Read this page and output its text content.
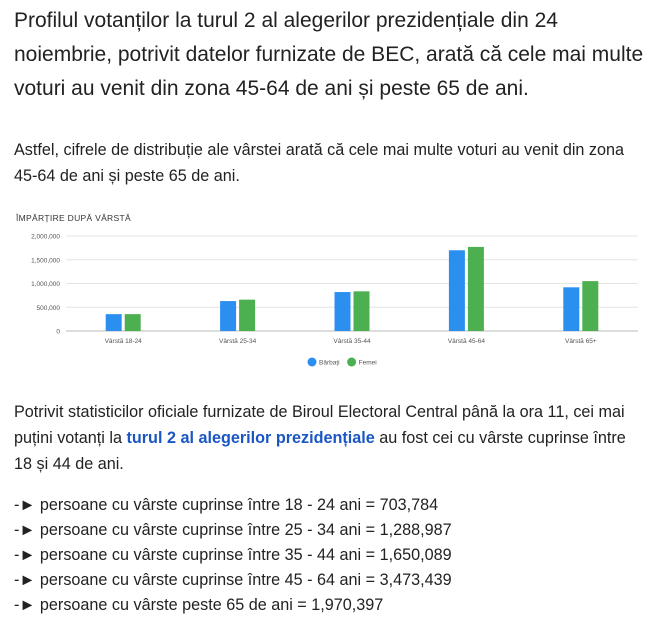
Profilul votanților la turul 2 al alegerilor prezidențiale din 24 noiembrie, potrivit datelor furnizate de BEC, arată că cele mai multe voturi au venit din zona 45-64 de ani și peste 65 de ani.

Astfel, cifrele de distribuție ale vârstei arată că cele mai multe voturi au venit din zona 45-64 de ani și peste 65 de ani.

ÎMPĂRȚIRE DUPĂ VÂRSTĂ

0
500,000
1,000,000
1,500,000
2,000,000
Vârstă 18-24	Vârstă 25-34	Vârstă 35-44	Vârstă 45-64	Vârstă 65+
Bărbați	Femei

Potrivit statisticilor oficiale furnizate de Biroul Electoral Central până la ora 11, cei mai puțini votanți la turul 2 al alegerilor prezidențiale au fost cei cu vârste cuprinse între 18 și 44 de ani.

-► persoane cu vârste cuprinse între 18 - 24 ani = 703,784
-► persoane cu vârste cuprinse între 25 - 34 ani = 1,288,987
-► persoane cu vârste cuprinse între 35 - 44 ani = 1,650,089
-► persoane cu vârste cuprinse între 45 - 64 ani = 3,473,439
-► persoane cu vârste peste 65 de ani = 1,970,397
